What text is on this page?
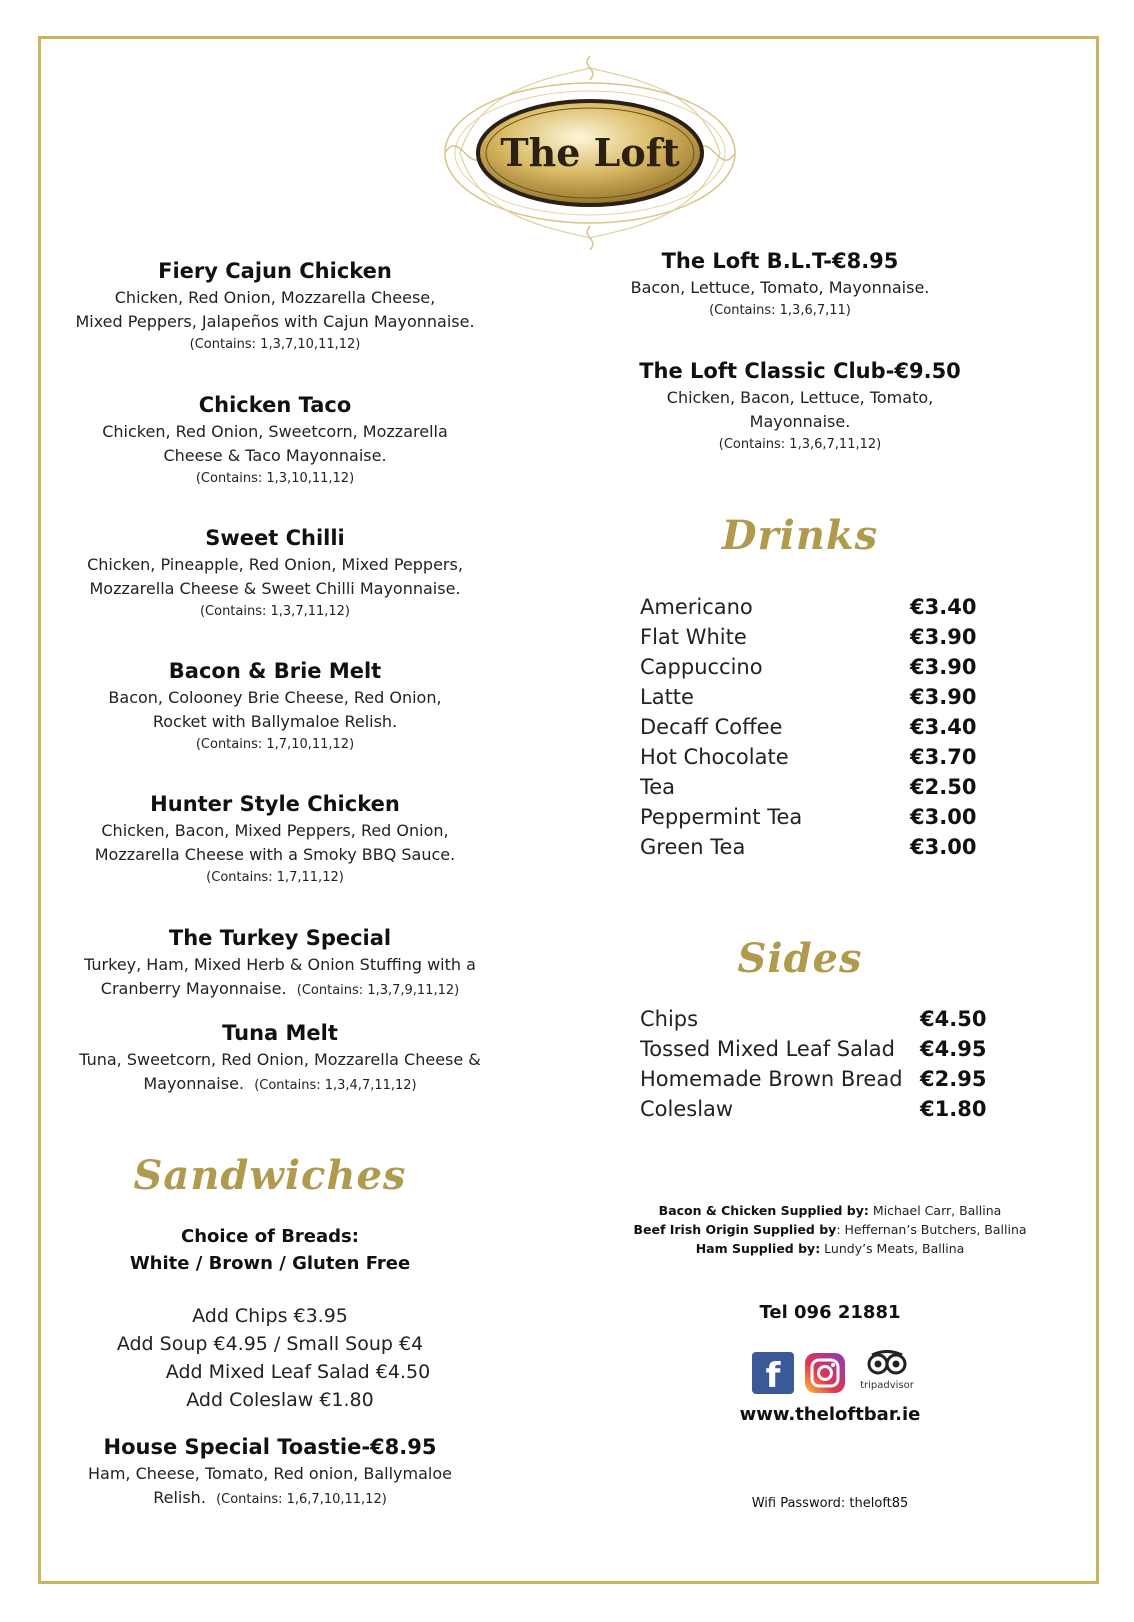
The Loft
Fiery Cajun Chicken
Chicken, Red Onion, Mozzarella Cheese,
Mixed Peppers, Jalapeños with Cajun Mayonnaise.
(Contains: 1,3,7,10,11,12)
Chicken Taco
Chicken, Red Onion, Sweetcorn, Mozzarella
Cheese & Taco Mayonnaise.
(Contains: 1,3,10,11,12)
Sweet Chilli
Chicken, Pineapple, Red Onion, Mixed Peppers,
Mozzarella Cheese & Sweet Chilli Mayonnaise.
(Contains: 1,3,7,11,12)
Bacon & Brie Melt
Bacon, Colooney Brie Cheese, Red Onion,
Rocket with Ballymaloe Relish.
(Contains: 1,7,10,11,12)
Hunter Style Chicken
Chicken, Bacon, Mixed Peppers, Red Onion,
Mozzarella Cheese with a Smoky BBQ Sauce.
(Contains: 1,7,11,12)
The Turkey Special
Turkey, Ham, Mixed Herb & Onion Stuffing with a
Cranberry Mayonnaise. (Contains: 1,3,7,9,11,12)
Tuna Melt
Tuna, Sweetcorn, Red Onion, Mozzarella Cheese &
Mayonnaise. (Contains: 1,3,4,7,11,12)
Sandwiches
Choice of Breads:
White / Brown / Gluten Free
Add Chips €3.95
Add Soup €4.95 / Small Soup €4
Add Mixed Leaf Salad €4.50
Add Coleslaw €1.80
House Special Toastie-€8.95
Ham, Cheese, Tomato, Red onion, Ballymaloe
Relish. (Contains: 1,6,7,10,11,12)
The Loft B.L.T-€8.95
Bacon, Lettuce, Tomato, Mayonnaise.
(Contains: 1,3,6,7,11)
The Loft Classic Club-€9.50
Chicken, Bacon, Lettuce, Tomato,
Mayonnaise.
(Contains: 1,3,6,7,11,12)
Drinks
Americano	€3.40
Flat White	€3.90
Cappuccino	€3.90
Latte	€3.90
Decaff Coffee	€3.40
Hot Chocolate	€3.70
Tea	€2.50
Peppermint Tea	€3.00
Green Tea	€3.00
Sides
Chips	€4.50
Tossed Mixed Leaf Salad €4.95
Homemade Brown Bread €2.95
Coleslaw	€1.80
Bacon & Chicken Supplied by: Michael Carr, Ballina
Beef Irish Origin Supplied by: Heffernan’s Butchers, Ballina
Ham Supplied by: Lundy’s Meats, Ballina
Tel 096 21881
f	tripadvisor
www.theloftbar.ie
Wifi Password: theloft85
